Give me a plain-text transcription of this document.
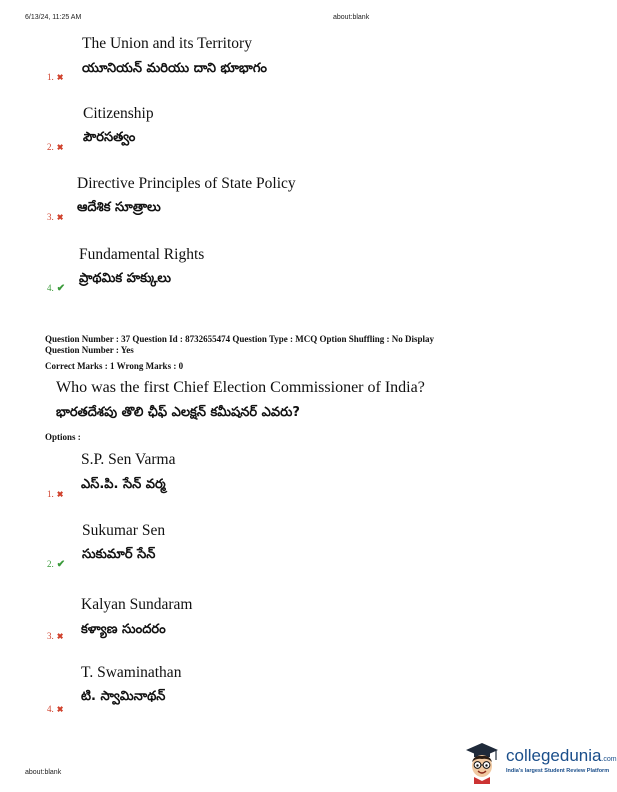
6/13/24, 11:25 AM	about:blank
The Union and its Territory
యూనియన్ మరియు దాని భూభాగం
1. ✖
Citizenship
పౌరసత్వం
2. ✖
Directive Principles of State Policy
ఆదేశిక సూత్రాలు
3. ✖
Fundamental Rights
ప్రాథమిక హక్కులు
4. ✔
Question Number : 37 Question Id : 8732655474 Question Type : MCQ Option Shuffling : No Display
Question Number : Yes
Correct Marks : 1 Wrong Marks : 0
Who was the first Chief Election Commissioner of India?
భారతదేశపు తొలి ఛీఫ్ ఎలక్షన్ కమీషనర్ ఎవరు?
Options :
S.P. Sen Varma
ఎస్.పి. సేన్ వర్మ
1. ✖
Sukumar Sen
సుకుమార్ సేన్
2. ✔
Kalyan Sundaram
కళ్యాణ సుందరం
3. ✖
T. Swaminathan
టి. స్వామినాథన్
4. ✖
about:blank
collegedunia.com
India's largest Student Review Platform
